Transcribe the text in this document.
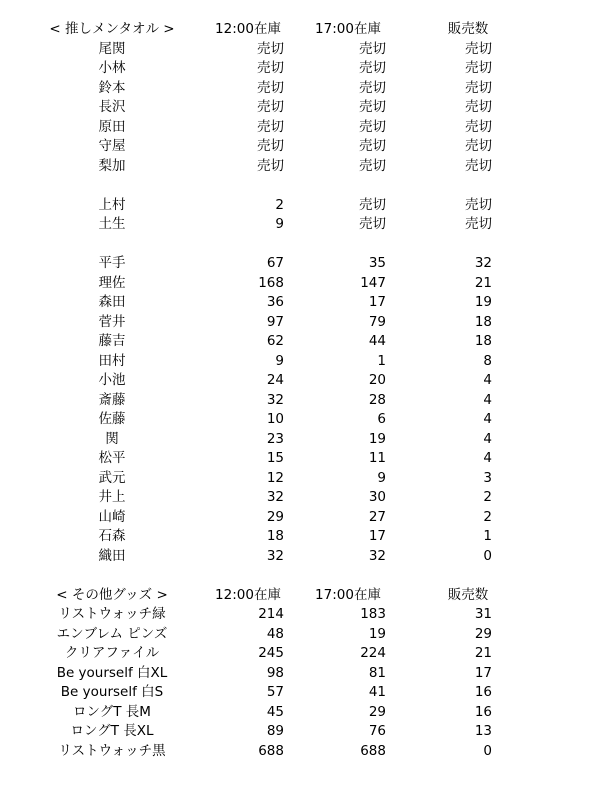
< 推しメンタオル >	12:00在庫	17:00在庫	販売数
尾関	売切	売切	売切
小林	売切	売切	売切
鈴本	売切	売切	売切
長沢	売切	売切	売切
原田	売切	売切	売切
守屋	売切	売切	売切
梨加	売切	売切	売切
上村	2	売切	売切
土生	9	売切	売切
平手	67	35	32
理佐	168	147	21
森田	36	17	19
菅井	97	79	18
藤吉	62	44	18
田村	9	1	8
小池	24	20	4
斎藤	32	28	4
佐藤	10	6	4
関	23	19	4
松平	15	11	4
武元	12	9	3
井上	32	30	2
山崎	29	27	2
石森	18	17	1
織田	32	32	0
< その他グッズ >	12:00在庫	17:00在庫	販売数
リストウォッチ緑	214	183	31
エンブレム ピンズ	48	19	29
クリアファイル	245	224	21
Be yourself 白XL	98	81	17
Be yourself 白S	57	41	16
ロングT 長M	45	29	16
ロングT 長XL	89	76	13
リストウォッチ黒	688	688	0
